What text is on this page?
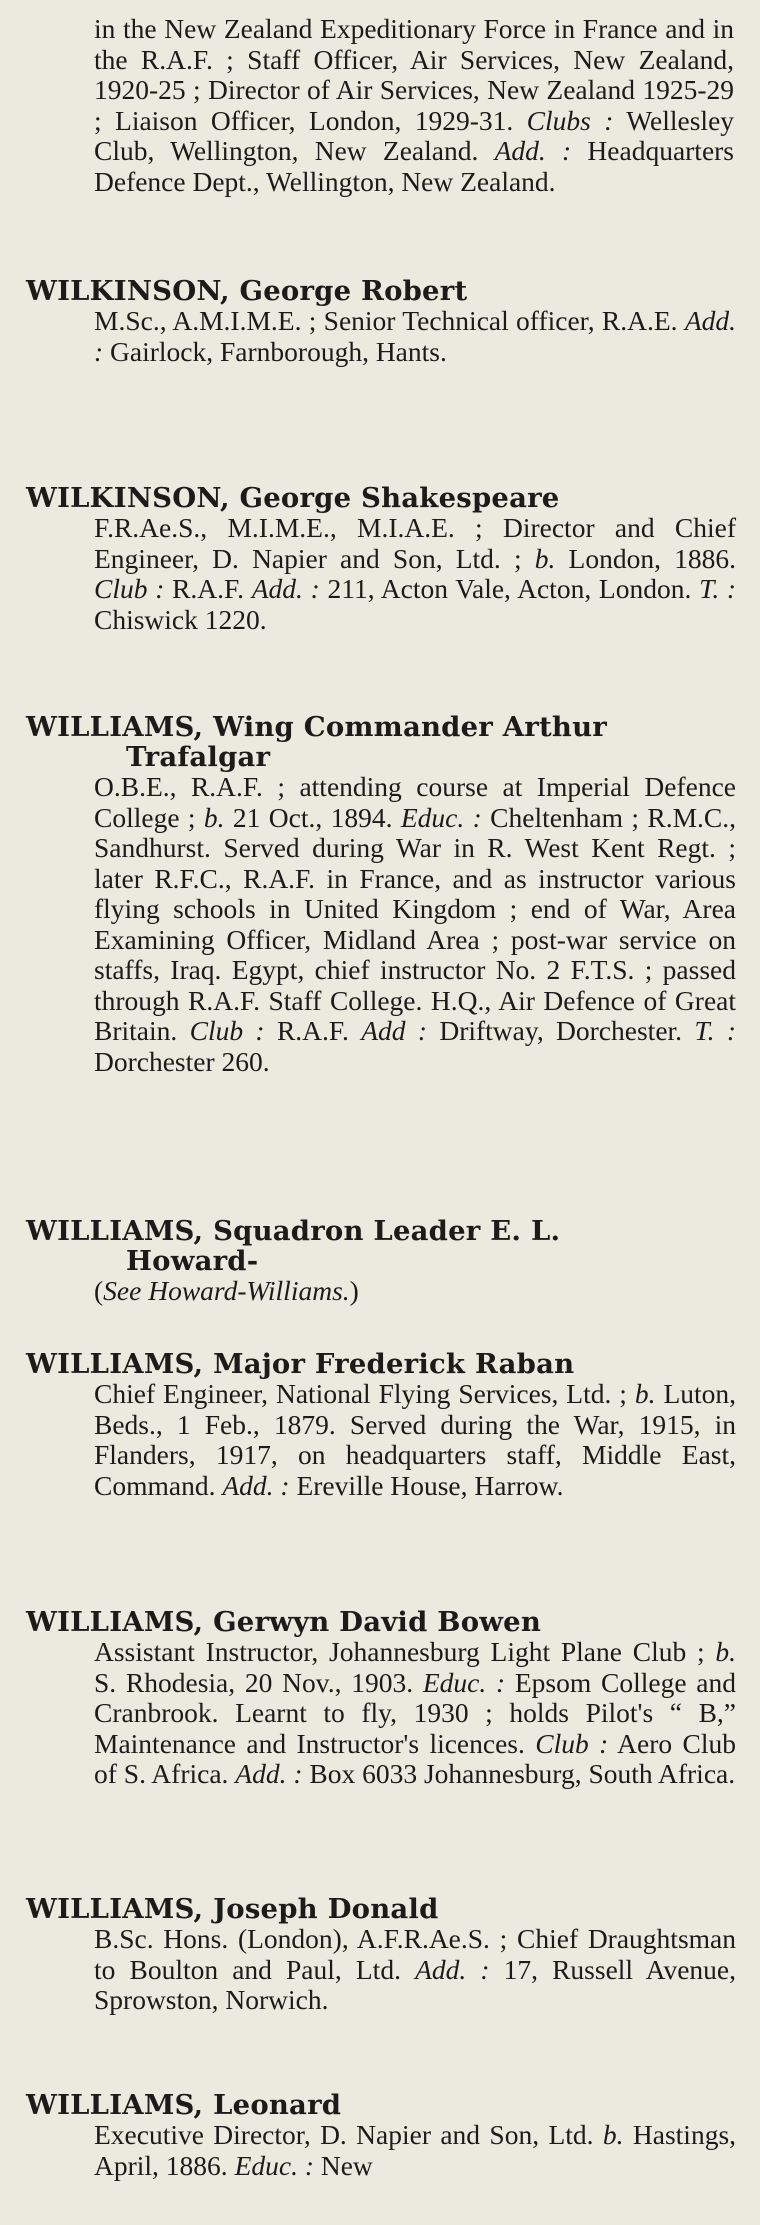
in the New Zealand Expeditionary Force in France and in the R.A.F. ; Staff Officer, Air Services, New Zealand, 1920-25 ; Director of Air Services, New Zealand 1925-29 ; Liaison Officer, London, 1929-31. Clubs : Wellesley Club, Wellington, New Zealand. Add. : Headquarters Defence Dept., Wellington, New Zealand.
WILKINSON, George Robert
M.Sc., A.M.I.M.E. ; Senior Technical officer, R.A.E. Add. : Gairlock, Farnborough, Hants.
WILKINSON, George Shakespeare
F.R.Ae.S., M.I.M.E., M.I.A.E. ; Director and Chief Engineer, D. Napier and Son, Ltd. ; b. London, 1886. Club : R.A.F. Add. : 211, Acton Vale, Acton, London. T. : Chiswick 1220.
WILLIAMS, Wing Commander Arthur
Trafalgar
O.B.E., R.A.F. ; attending course at Imperial Defence College ; b. 21 Oct., 1894. Educ. : Cheltenham ; R.M.C., Sandhurst. Served during War in R. West Kent Regt. ; later R.F.C., R.A.F. in France, and as instructor various flying schools in United Kingdom ; end of War, Area Examining Officer, Midland Area ; post-war service on staffs, Iraq. Egypt, chief instructor No. 2 F.T.S. ; passed through R.A.F. Staff College. H.Q., Air Defence of Great Britain. Club : R.A.F. Add : Driftway, Dorchester. T. : Dorchester 260.
WILLIAMS, Squadron Leader E. L.
Howard-
(See Howard-Williams.)
WILLIAMS, Major Frederick Raban
Chief Engineer, National Flying Services, Ltd. ; b. Luton, Beds., 1 Feb., 1879. Served during the War, 1915, in Flanders, 1917, on headquarters staff, Middle East, Command. Add. : Ereville House, Harrow.
WILLIAMS, Gerwyn David Bowen
Assistant Instructor, Johannesburg Light Plane Club ; b. S. Rhodesia, 20 Nov., 1903. Educ. : Epsom College and Cranbrook. Learnt to fly, 1930 ; holds Pilot's “ B,” Maintenance and Instructor's licences. Club : Aero Club of S. Africa. Add. : Box 6033 Johannesburg, South Africa.
WILLIAMS, Joseph Donald
B.Sc. Hons. (London), A.F.R.Ae.S. ; Chief Draughtsman to Boulton and Paul, Ltd. Add. : 17, Russell Avenue, Sprowston, Norwich.
WILLIAMS, Leonard
Executive Director, D. Napier and Son, Ltd. b. Hastings, April, 1886. Educ. : New
